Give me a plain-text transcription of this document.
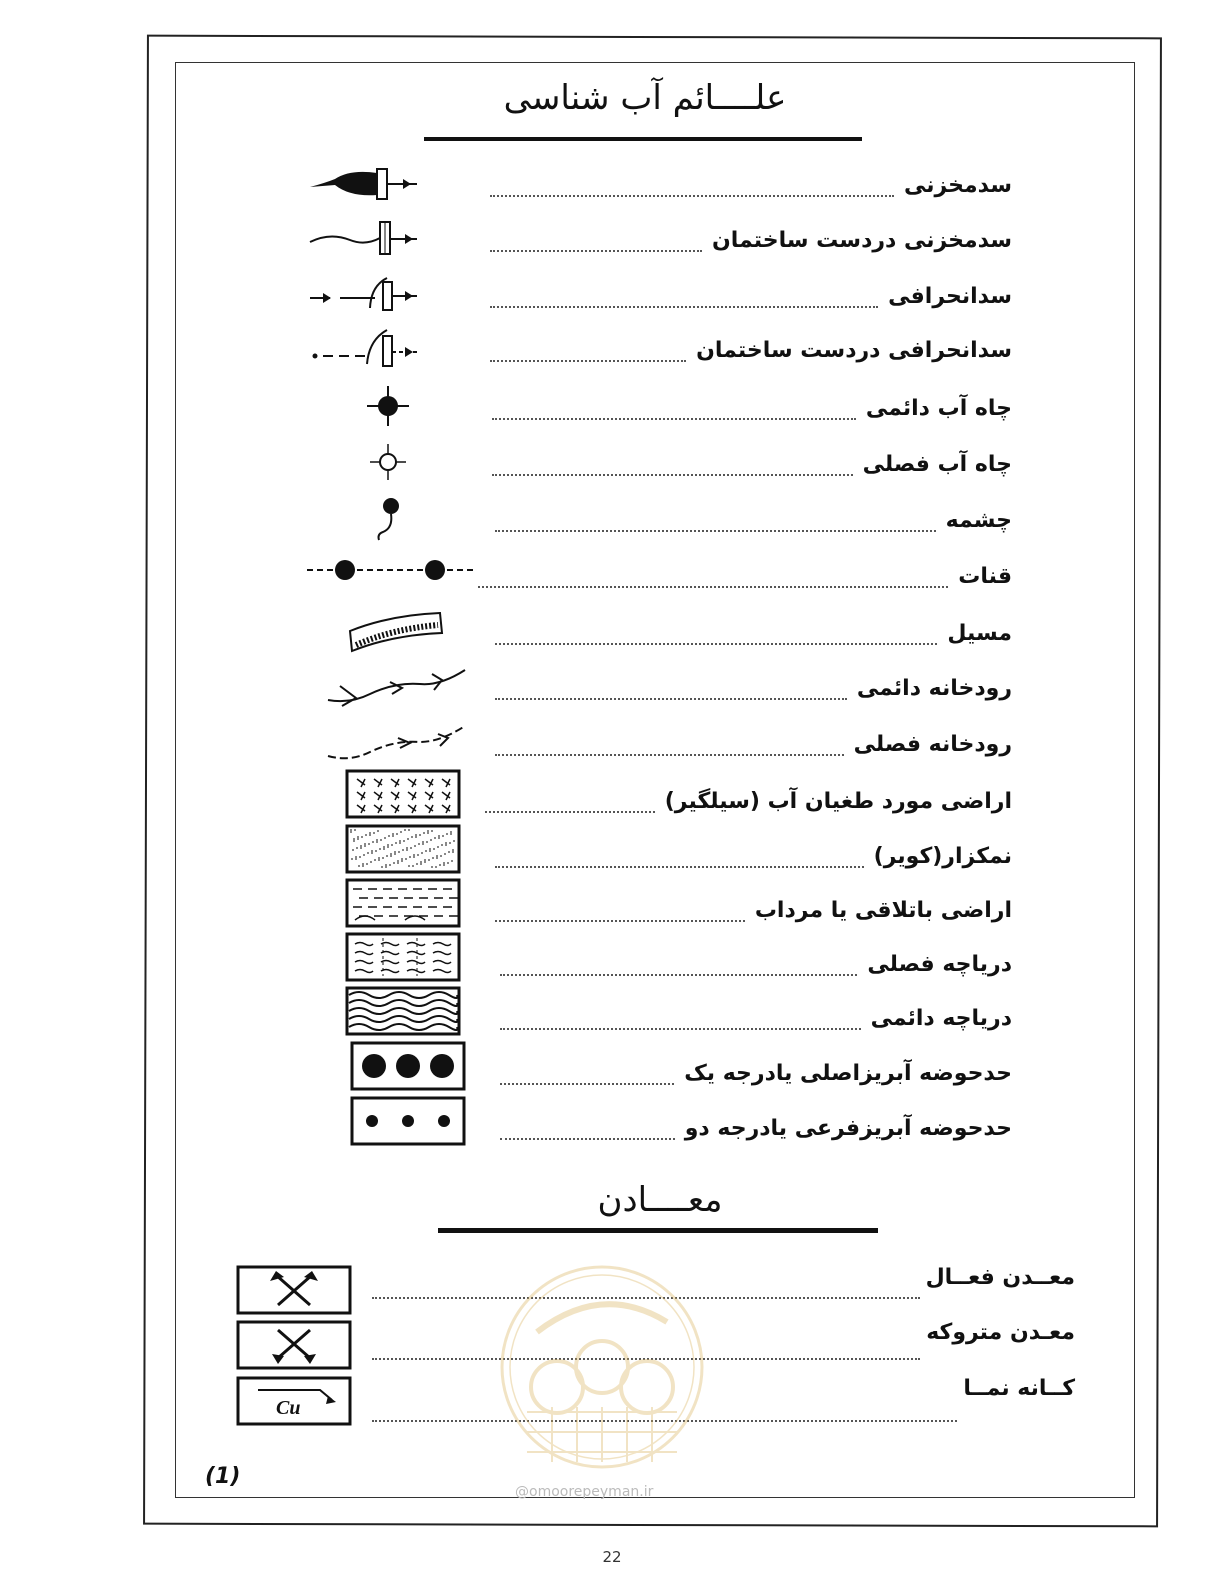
علــــائم آب شناسی
سدمخزنی
سدمخزنی دردست ساختمان
سدانحرافی
سدانحرافی دردست ساختمان
چاه آب دائمی
چاه آب فصلی
چشمه
قنات
مسیل
رودخانه دائمی
رودخانه فصلی
اراضی مورد طغیان آب (سیلگیر)
نمکزار(کویر)
اراضی باتلاقی یا مرداب
دریاچه فصلی
دریاچه دائمی
حدحوضه آبریزاصلی یادرجه یک
حدحوضه آبریزفرعی یادرجه دو
معــــادن
معــدن فعــال
معـدن متروکه
Cu
کــانه نمــا
(1)
@omoorepeyman.ir
22
